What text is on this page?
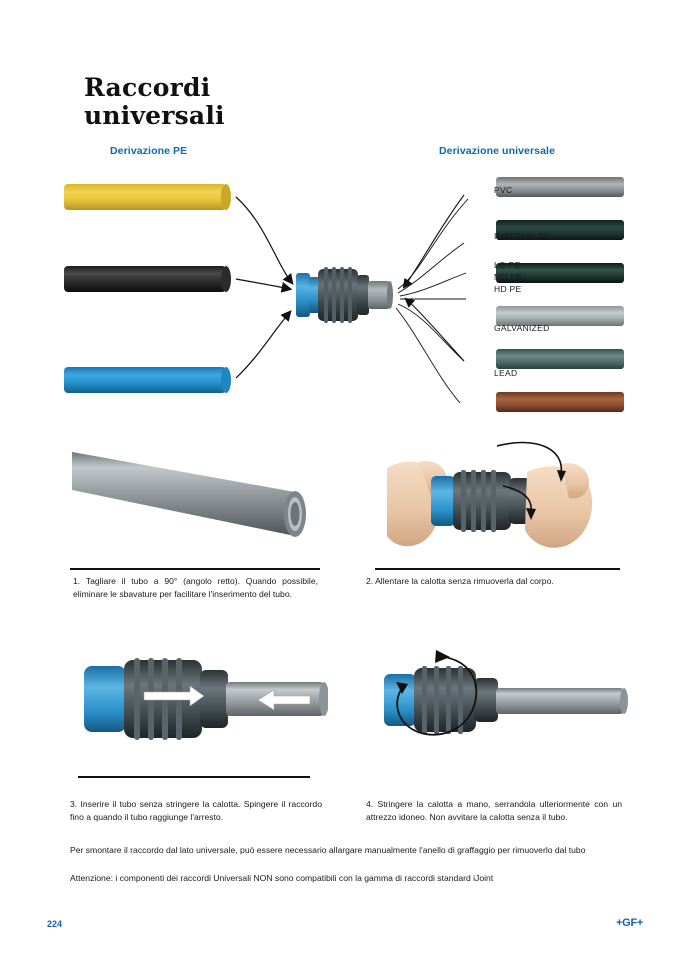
Raccordi
universali
Derivazione PE	Derivazione universale
PVC
IMPERIAL PE
LO PE
MD PE
HD PE
GALVANIZED
LEAD
1. Tagliare il tubo a 90° (angolo retto). Quando possibile, eliminare le sbavature per facilitare l'inserimento del tubo.
2. Allentare la calotta senza rimuoverla dal corpo.
3. Inserire il tubo senza stringere la calotta. Spingere il raccordo fino a quando il tubo raggiunge l'arresto.
4. Stringere la calotta a mano, serrandola ulteriormente con un attrezzo idoneo. Non avvitare la calotta senza il tubo.
Per smontare il raccordo dal lato universale, può essere necessario allargare manualmente l'anello di graffaggio per rimuoverlo dal tubo
Attenzione: i componenti dei raccordi Universali NON sono compatibili con la gamma di raccordi standard iJoint
224	+GF+
